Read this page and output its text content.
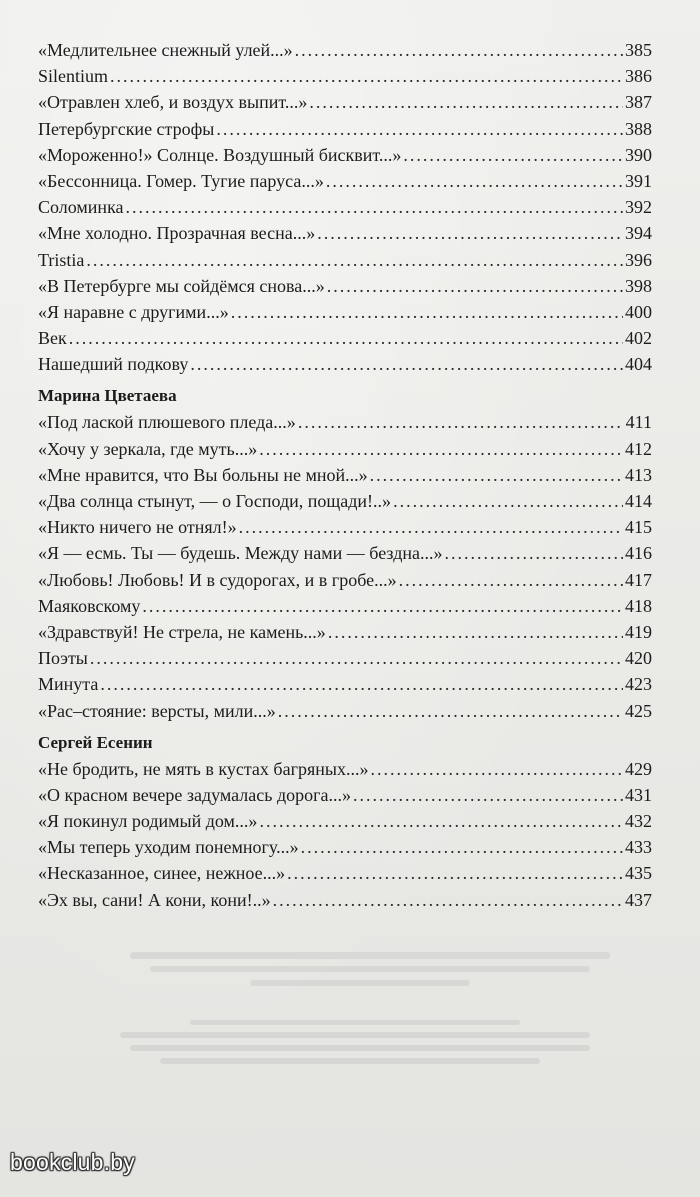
«Медлительнее снежный улей...» .....	385
Silentium .....	386
«Отравлен хлеб, и воздух выпит...» .....	387
Петербургские строфы .....	388
«Мороженно!» Солнце. Воздушный бисквит...» .....	390
«Бессонница. Гомер. Тугие паруса...» .....	391
Соломинка .....	392
«Мне холодно. Прозрачная весна...» .....	394
Tristia .....	396
«В Петербурге мы сойдёмся снова...» .....	398
«Я наравне с другими...» .....	400
Век .....	402
Нашедший подкову .....	404
Марина Цветаева
«Под лаской плюшевого пледа...» .....	411
«Хочу у зеркала, где муть...» .....	412
«Мне нравится, что Вы больны не мной...» .....	413
«Два солнца стынут, — о Господи, пощади!..» .....	414
«Никто ничего не отнял!» .....	415
«Я — есмь. Ты — будешь. Между нами — бездна...» .....	416
«Любовь! Любовь! И в судорогах, и в гробе...» .....	417
Маяковскому .....	418
«Здравствуй! Не стрела, не камень...» .....	419
Поэты .....	420
Минута .....	423
«Рас–стояние: версты, мили...» .....	425
Сергей Есенин
«Не бродить, не мять в кустах багряных...» .....	429
«О красном вечере задумалась дорога...» .....	431
«Я покинул родимый дом...» .....	432
«Мы теперь уходим понемногу...» .....	433
«Несказанное, синее, нежное...» .....	435
«Эх вы, сани! А кони, кони!..» .....	437
bookclub.by
